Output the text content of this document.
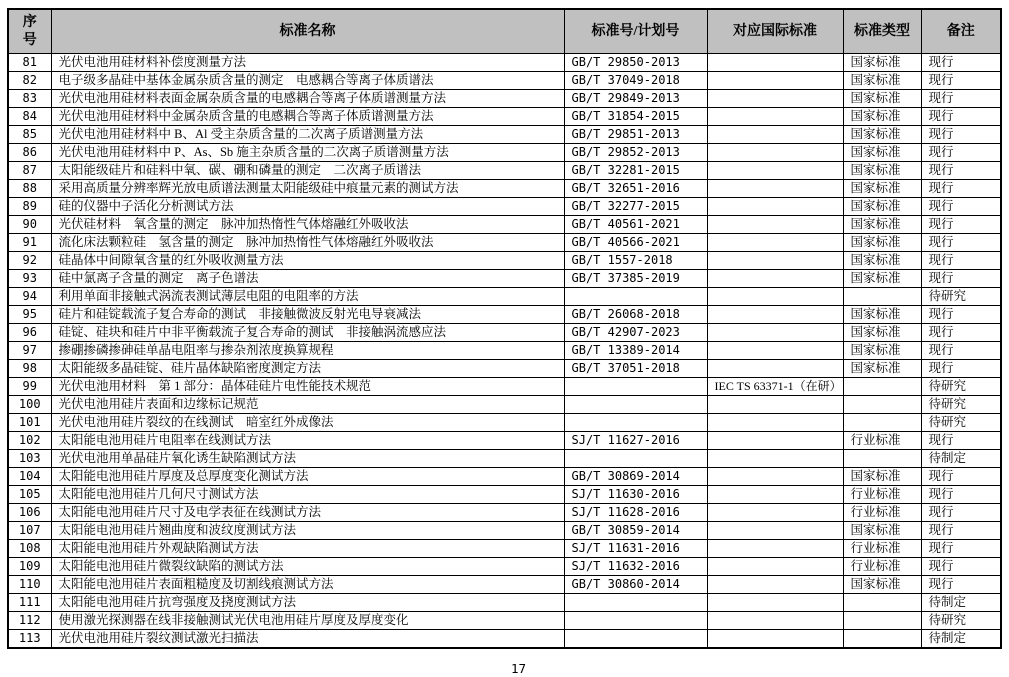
序号	标准名称	标准号/计划号	对应国际标准	标准类型	备注
81	光伏电池用硅材料补偿度测量方法	GB/T 29850-2013		国家标准	现行
82	电子级多晶硅中基体金属杂质含量的测定　电感耦合等离子体质谱法	GB/T 37049-2018		国家标准	现行
83	光伏电池用硅材料表面金属杂质含量的电感耦合等离子体质谱测量方法	GB/T 29849-2013		国家标准	现行
84	光伏电池用硅材料中金属杂质含量的电感耦合等离子体质谱测量方法	GB/T 31854-2015		国家标准	现行
85	光伏电池用硅材料中 B、Al 受主杂质含量的二次离子质谱测量方法	GB/T 29851-2013		国家标准	现行
86	光伏电池用硅材料中 P、As、Sb 施主杂质含量的二次离子质谱测量方法	GB/T 29852-2013		国家标准	现行
87	太阳能级硅片和硅料中氧、碳、硼和磷量的测定　二次离子质谱法	GB/T 32281-2015		国家标准	现行
88	采用高质量分辨率辉光放电质谱法测量太阳能级硅中痕量元素的测试方法	GB/T 32651-2016		国家标准	现行
89	硅的仪器中子活化分析测试方法	GB/T 32277-2015		国家标准	现行
90	光伏硅材料　氧含量的测定　脉冲加热惰性气体熔融红外吸收法	GB/T 40561-2021		国家标准	现行
91	流化床法颗粒硅　氢含量的测定　脉冲加热惰性气体熔融红外吸收法	GB/T 40566-2021		国家标准	现行
92	硅晶体中间隙氧含量的红外吸收测量方法	GB/T 1557-2018		国家标准	现行
93	硅中氯离子含量的测定　离子色谱法	GB/T 37385-2019		国家标准	现行
94	利用单面非接触式涡流表测试薄层电阻的电阻率的方法				待研究
95	硅片和硅锭载流子复合寿命的测试　非接触微波反射光电导衰减法	GB/T 26068-2018		国家标准	现行
96	硅锭、硅块和硅片中非平衡载流子复合寿命的测试　非接触涡流感应法	GB/T 42907-2023		国家标准	现行
97	掺硼掺磷掺砷硅单晶电阻率与掺杂剂浓度换算规程	GB/T 13389-2014		国家标准	现行
98	太阳能级多晶硅锭、硅片晶体缺陷密度测定方法	GB/T 37051-2018		国家标准	现行
99	光伏电池用材料　第 1 部分：晶体硅硅片电性能技术规范		IEC TS 63371-1（在研）		待研究
100	光伏电池用硅片表面和边缘标记规范				待研究
101	光伏电池用硅片裂纹的在线测试　暗室红外成像法				待研究
102	太阳能电池用硅片电阻率在线测试方法	SJ/T 11627-2016		行业标准	现行
103	光伏电池用单晶硅片氧化诱生缺陷测试方法				待制定
104	太阳能电池用硅片厚度及总厚度变化测试方法	GB/T 30869-2014		国家标准	现行
105	太阳能电池用硅片几何尺寸测试方法	SJ/T 11630-2016		行业标准	现行
106	太阳能电池用硅片尺寸及电学表征在线测试方法	SJ/T 11628-2016		行业标准	现行
107	太阳能电池用硅片翘曲度和波纹度测试方法	GB/T 30859-2014		国家标准	现行
108	太阳能电池用硅片外观缺陷测试方法	SJ/T 11631-2016		行业标准	现行
109	太阳能电池用硅片微裂纹缺陷的测试方法	SJ/T 11632-2016		行业标准	现行
110	太阳能电池用硅片表面粗糙度及切割线痕测试方法	GB/T 30860-2014		国家标准	现行
111	太阳能电池用硅片抗弯强度及挠度测试方法				待制定
112	使用激光探测器在线非接触测试光伏电池用硅片厚度及厚度变化				待研究
113	光伏电池用硅片裂纹测试激光扫描法				待制定
17
